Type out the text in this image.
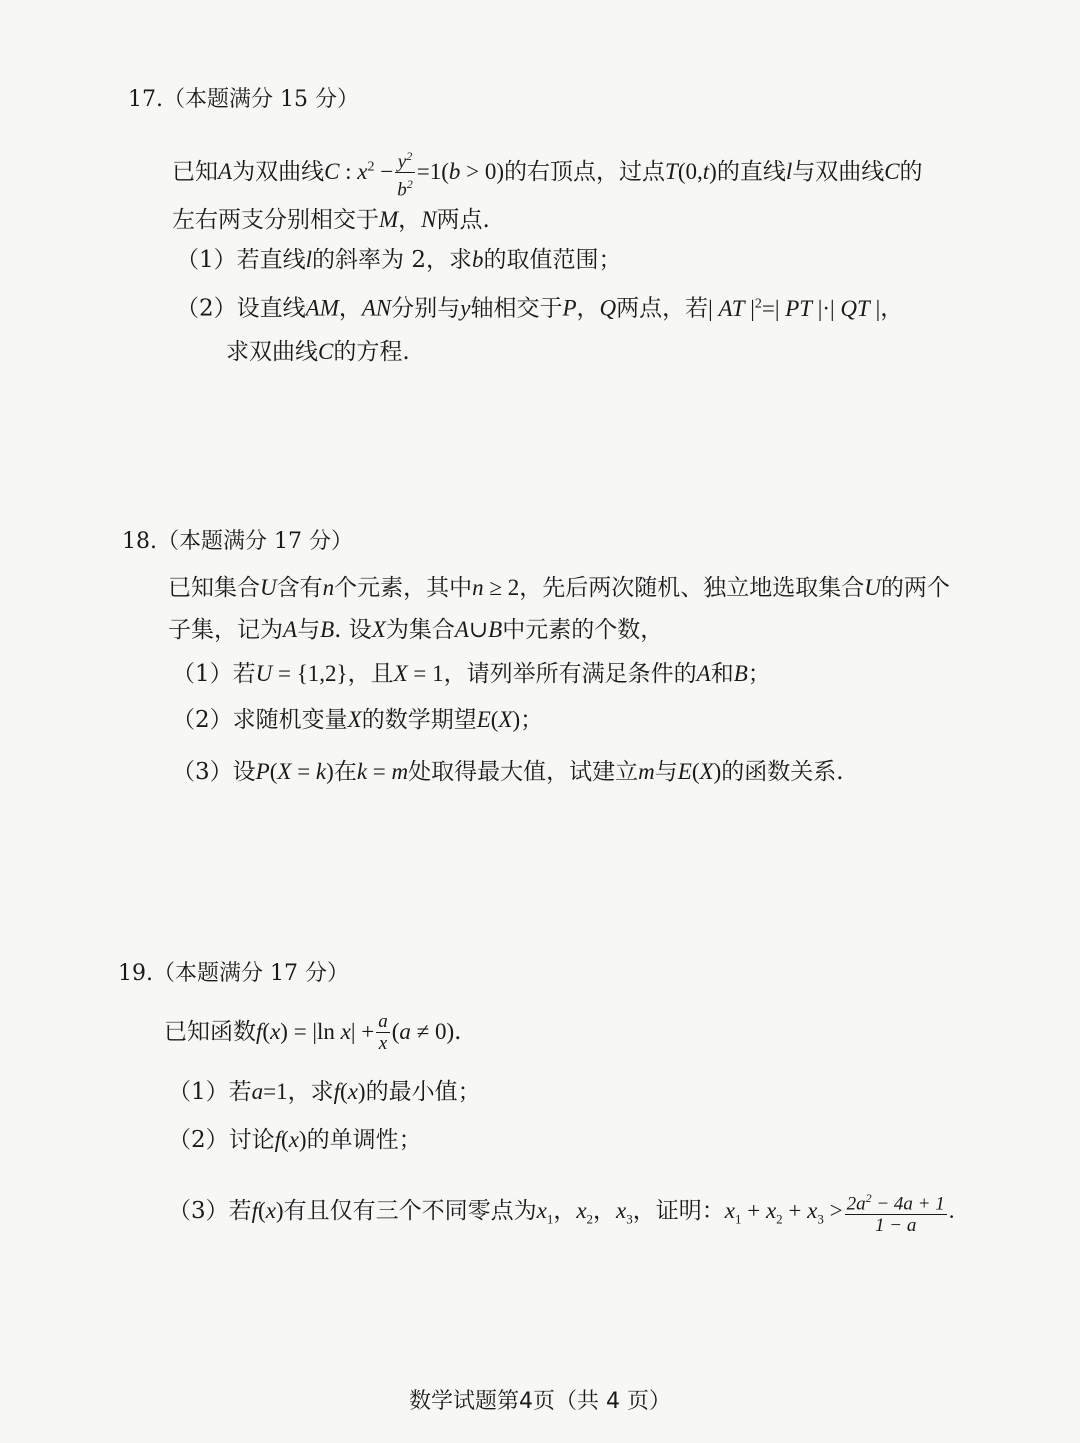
17.（本题满分 15 分）
已知A为双曲线C : $x^2 - \frac{y^2}{b^2} =1(b > 0)$的右顶点，过点T(0,t)的直线l与双曲线C的
左右两支分别相交于M，N两点.
（1）若直线l的斜率为 2，求b的取值范围；
（2）设直线AM，AN分别与y轴相交于P，Q两点，若| AT $|^2=|$ PT |·| QT |，
求双曲线C的方程.
18.（本题满分 17 分）
已知集合U含有n个元素，其中n ≥ 2，先后两次随机、独立地选取集合U的两个
子集，记为A与B. 设X为集合A∪B中元素的个数，
（1）若U = {1,2}，且X = 1，请列举所有满足条件的A和B；
（2）求随机变量X的数学期望E(X)；
（3）设P(X = k)在k = m处取得最大值，试建立m与E(X)的函数关系.
19.（本题满分 17 分）
已知函数f(x) = |ln $x| + \frac{a}{x} (a \ne 0)$.
（1）若a=1，求f(x)的最小值；
（2）讨论f(x)的单调性；
（3）若f(x)有且仅有三个不同零点为$x_1$，$x_2$，$x_3$，证明：$x_1 + x_2 + x_3 > \frac{2a^2 - 4a + 1}{1 - a}$ .
数学试题第4页（共 4 页）
